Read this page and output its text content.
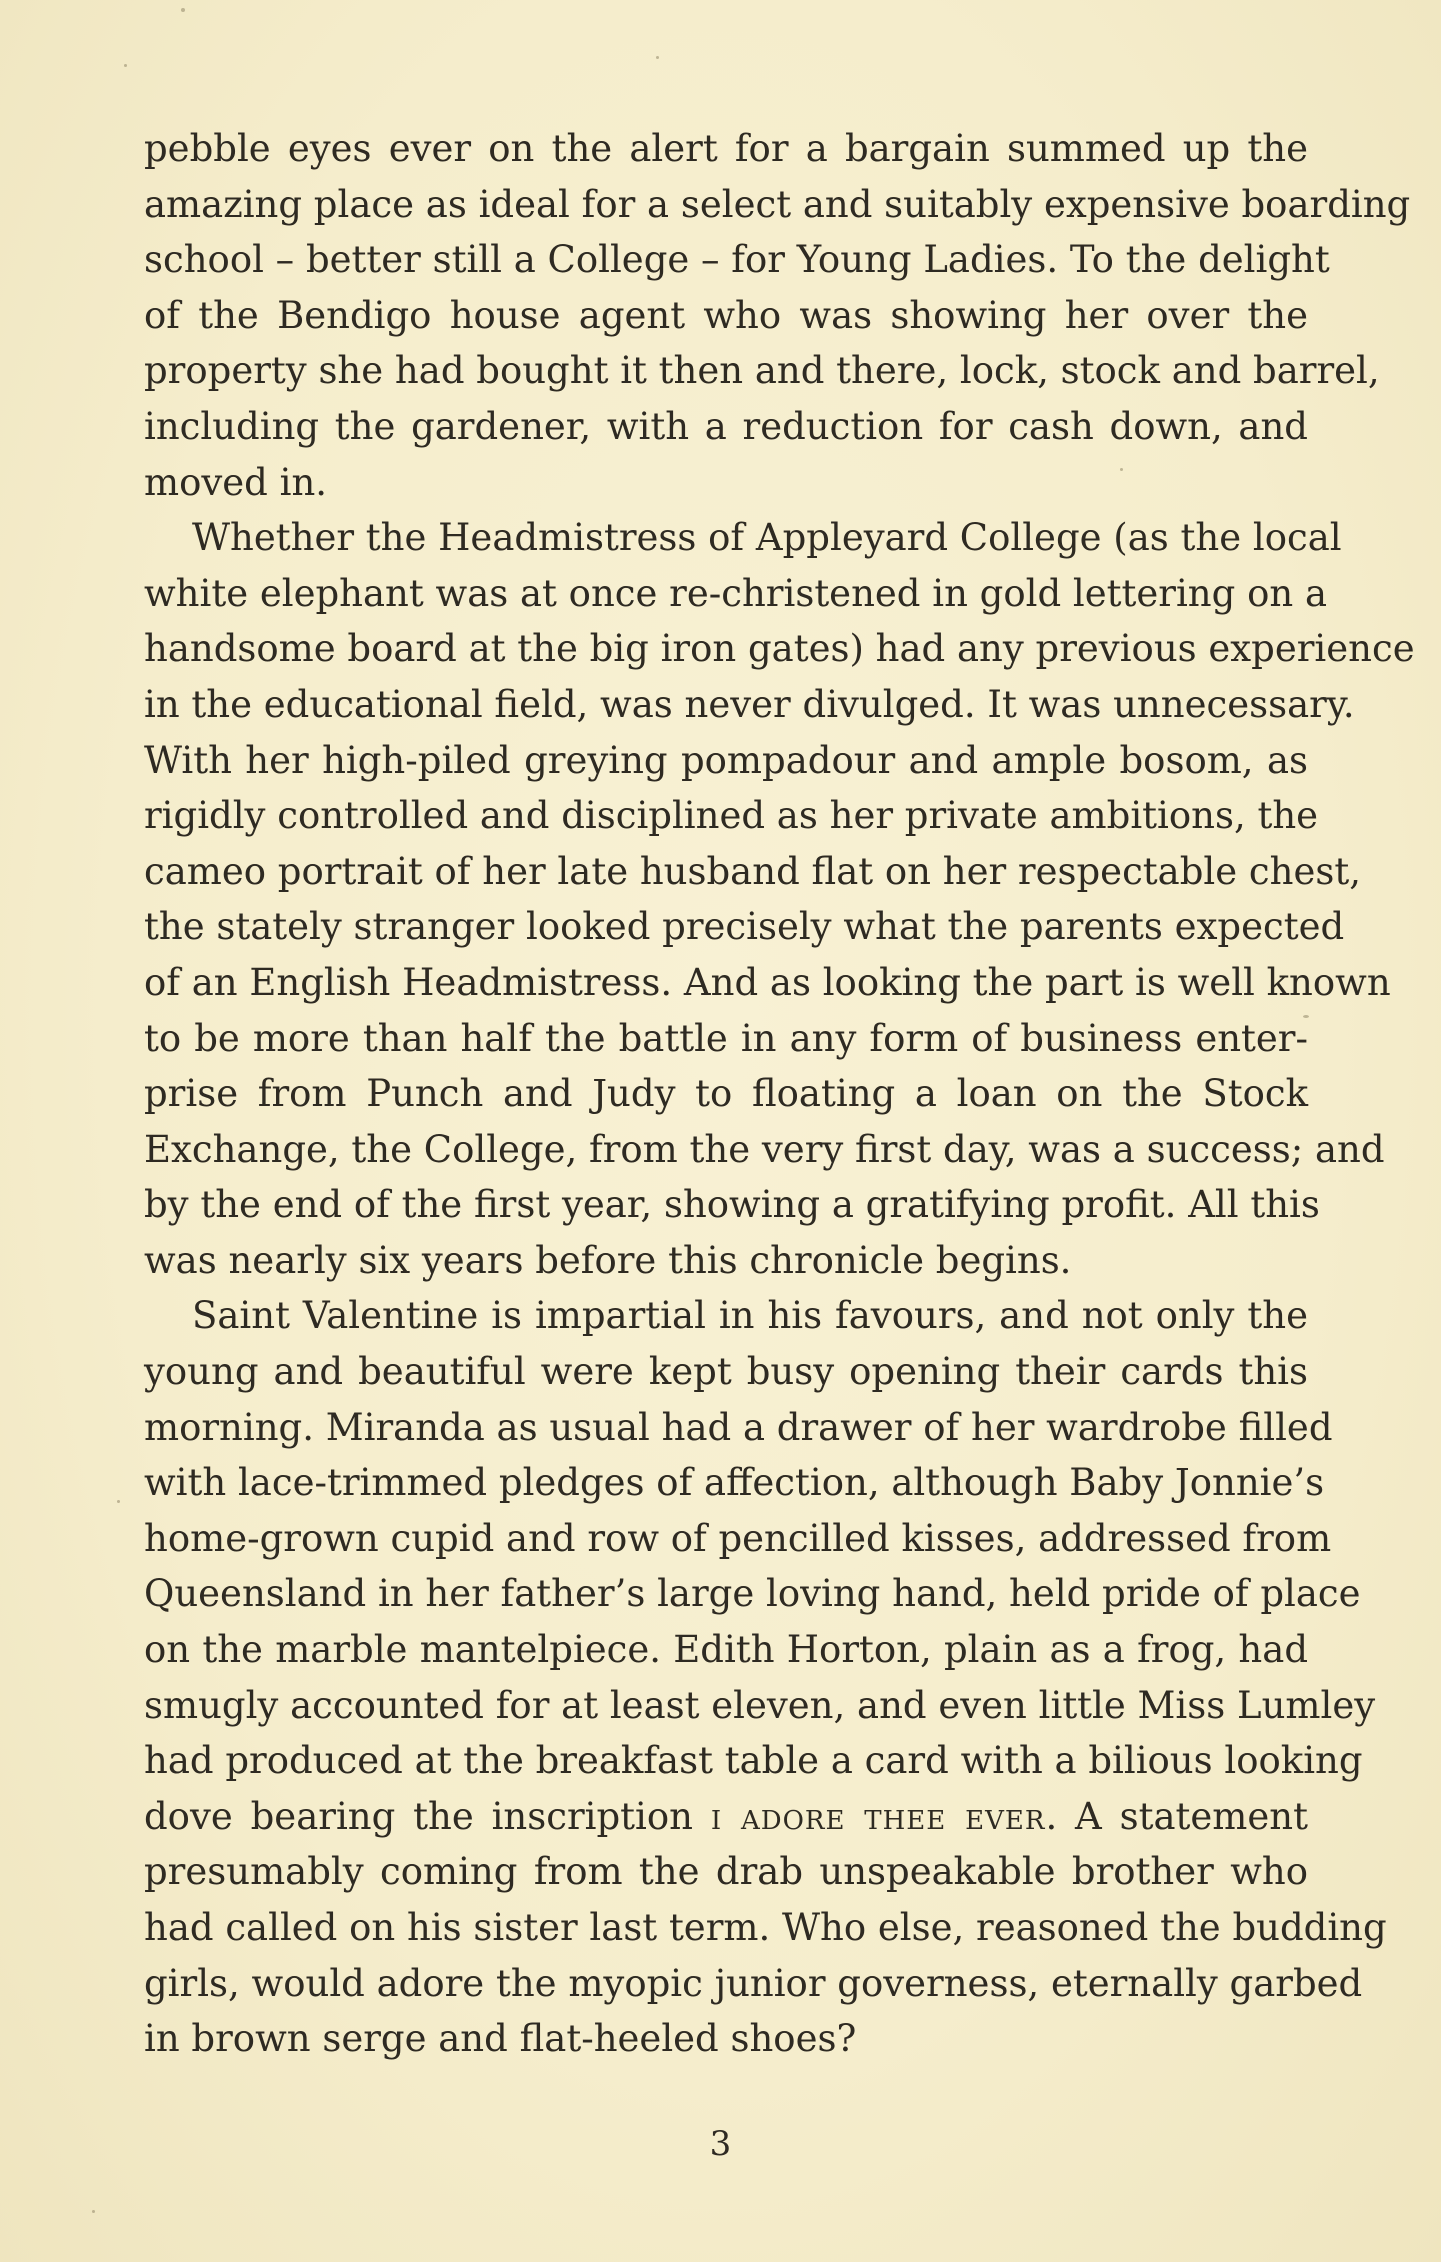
pebble eyes ever on the alert for a bargain summed up the
amazing place as ideal for a select and suitably expensive boarding
school – better still a College – for Young Ladies. To the delight
of the Bendigo house agent who was showing her over the
property she had bought it then and there, lock, stock and barrel,
including the gardener, with a reduction for cash down, and
moved in.

Whether the Headmistress of Appleyard College (as the local
white elephant was at once re-christened in gold lettering on a
handsome board at the big iron gates) had any previous experience
in the educational field, was never divulged. It was unnecessary.
With her high-piled greying pompadour and ample bosom, as
rigidly controlled and disciplined as her private ambitions, the
cameo portrait of her late husband flat on her respectable chest,
the stately stranger looked precisely what the parents expected
of an English Headmistress. And as looking the part is well known
to be more than half the battle in any form of business enter-
prise from Punch and Judy to floating a loan on the Stock
Exchange, the College, from the very first day, was a success; and
by the end of the first year, showing a gratifying profit. All this
was nearly six years before this chronicle begins.

Saint Valentine is impartial in his favours, and not only the
young and beautiful were kept busy opening their cards this
morning. Miranda as usual had a drawer of her wardrobe filled
with lace-trimmed pledges of affection, although Baby Jonnie’s
home-grown cupid and row of pencilled kisses, addressed from
Queensland in her father’s large loving hand, held pride of place
on the marble mantelpiece. Edith Horton, plain as a frog, had
smugly accounted for at least eleven, and even little Miss Lumley
had produced at the breakfast table a card with a bilious looking
dove bearing the inscription i adore thee ever. A statement
presumably coming from the drab unspeakable brother who
had called on his sister last term. Who else, reasoned the budding
girls, would adore the myopic junior governess, eternally garbed
in brown serge and flat-heeled shoes?

3
